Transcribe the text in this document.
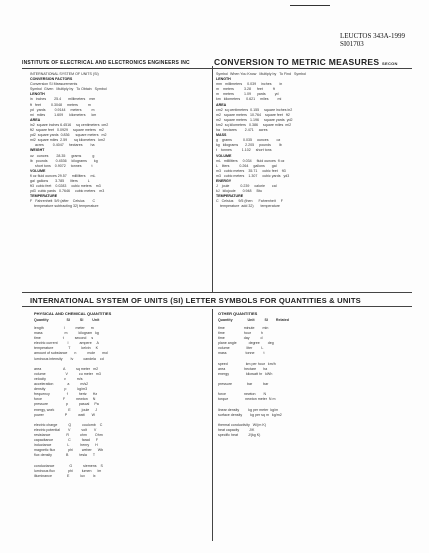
LEUCTOS 343A-1999
SI01703
INSTITUTE OF ELECTRICAL AND ELECTRONICS ENGINEERS INC	CONVERSION TO METRIC MEASURES SECON
INTERNATIONAL SYSTEM OF UNITS (SI)
CONVERSION FACTORS
Conversion SI Measurements
Symbol  Given   Multiply by   To Obtain   Symbol
LENGTH
in   inches        25.4       millimeters    mm
ft   feet          0.3048     meters          m
yd   yards         0.9144     meters          m
mi   miles         1.609      kilometers      km
AREA
in2  square inches 6.4516     sq centimeters  cm2
ft2  square feet   0.0929     square meters   m2
yd2  square yards  0.836      square meters   m2
mi2  square miles  2.59       sq kilometers   km2
acres         0.4047     hectares        ha
WEIGHT
oz   ounces        28.35      grams           g
lb   pounds        0.4536     kilograms       kg
short tons    0.9072     tonnes          t
VOLUME
fl oz fluid ounces 29.57     milliliters     mL
gal  gallons       3.785      liters          L
ft3  cubic feet    0.0283     cubic meters    m3
yd3  cubic yards   0.7646     cubic meters    m3
TEMPERATURE
F   Fahrenheit  5/9 (after    Celsius        C
temperature subtracting 32) temperature
Symbol  When You Know   Multiply by   To Find   Symbol
LENGTH
mm   millimeters     0.039     inches        in
m    meters          3.28      feet          ft
m    meters          1.09      yards         yd
km   kilometers      0.621     miles         mi
AREA
cm2  sq centimeters  0.155     square inches in2
m2   square meters   10.764    square feet   ft2
m2   square meters   1.196     square yards  yd2
km2  sq kilometers   0.386     square miles  mi2
ha   hectares        2.471     acres
MASS
g    grams           0.035     ounces        oz
kg   kilograms       2.205     pounds        lb
t    tonnes          1.102     short tons
VOLUME
mL   milliliters     0.034     fluid ounces  fl oz
L    liters          0.264     gallons       gal
m3   cubic meters    35.71     cubic feet    ft3
m3   cubic meters    1.307     cubic yards   yd3
ENERGY
J    joule           0.239     calorie       cal
kJ   kilojoule       0.948     Btu
TEMPERATURE
C   Celsius     9/5 (then      Fahrenheit     F
temperature  add 32)       temperature
INTERNATIONAL SYSTEM OF UNITS (SI) LETTER SYMBOLS FOR QUANTITIES & UNITS
PHYSICAL AND CHEMICAL QUANTITIES	OTHER QUANTITIES
Quantity                  SI          SI         Unit	Quantity               Unit          SI        Related
length                    l           meter      m
mass                      m           kilogram   kg
time                      t           second     s
electric current          I           ampere     A
temperature               T           kelvin     K
amount of substance       n           mole       mol
luminous intensity        Iv          candela    cd

area                      A           sq meter   m2
volume                    V           cu meter   m3
velocity                  v           m/s
acceleration              a           m/s2
density                   p           kg/m3
frequency                 f           hertz      Hz
force                     F           newton     N
pressure                  p           pascal     Pa
energy, work              E           joule      J
power                     P           watt       W

electric charge           Q           coulomb    C
electric potential        V           volt       V
resistance                R           ohm        Ohm
capacitance               C           farad      F
inductance                L           henry      H
magnetic flux             phi         weber      Wb
flux density              B           tesla      T

conductance               G           siemens    S
luminous flux             phi         lumen      lm
illuminance               E           lux        lx
time                   minute        min
time                   hour          h
time                   day           d
plane angle            degree        deg
volume                 liter         L
mass                   tonne         t

speed                  km per hour   km/h
area                   hectare       ha
energy                 kilowatt hr   kWh

pressure               bar           bar

force                  newton        N
torque                 newton meter  N m

linear density         kg per meter  kg/m
surface density        kg per sq m   kg/m2

thermal conductivity   W/(m K)
heat capacity          J/K
specific heat          J/(kg K)
